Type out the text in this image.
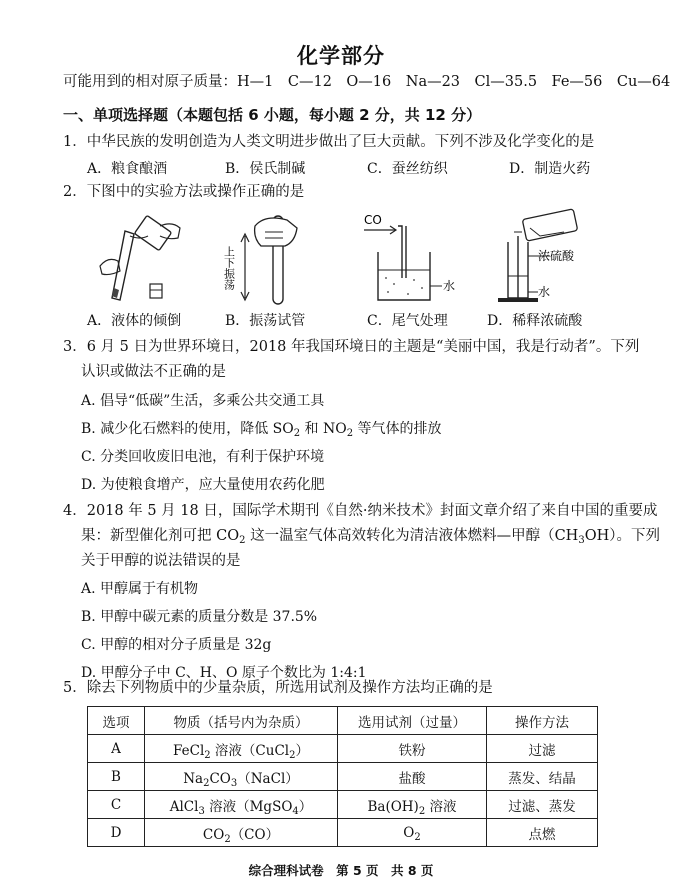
化学部分
可能用到的相对原子质量：H—1　C—12　O—16　Na—23　Cl—35.5　Fe—56　Cu—64
一、单项选择题（本题包括 6 小题，每小题 2 分，共 12 分）
1．中华民族的发明创造为人类文明进步做出了巨大贡献。下列不涉及化学变化的是
A．粮食酿酒	B．侯氏制碱	C．蚕丝纺织	D．制造火药
2．下图中的实验方法或操作正确的是
上下振荡
CO
水
浓硫酸
水
A．液体的倾倒	B．振荡试管	C．尾气处理	D．稀释浓硫酸
3．6 月 5 日为世界环境日，2018 年我国环境日的主题是“美丽中国，我是行动者”。下列
认识或做法不正确的是
A. 倡导“低碳”生活，多乘公共交通工具
B. 减少化石燃料的使用，降低 $SO_2$ 和 $NO_2$ 等气体的排放
C. 分类回收废旧电池，有利于保护环境
D. 为使粮食增产，应大量使用农药化肥
4．2018 年 5 月 18 日，国际学术期刊《自然·纳米技术》封面文章介绍了来自中国的重要成
果：新型催化剂可把 $CO_2$ 这一温室气体高效转化为清洁液体燃料—甲醇$(CH_3OH)$。下列
关于甲醇的说法错误的是
A. 甲醇属于有机物
B. 甲醇中碳元素的质量分数是 37.5%
C. 甲醇的相对分子质量是 32g
D. 甲醇分子中 C、H、O 原子个数比为 1:4:1
5．除去下列物质中的少量杂质，所选用试剂及操作方法均正确的是
选项	物质（括号内为杂质）	选用试剂（过量）	操作方法
A	FeCl$_2$ 溶液（CuCl$_2$）	铁粉	过滤
B	$Na_2CO_3(NaCl)$	盐酸	蒸发、结晶
C	AlCl$_3$ 溶液（MgSO$_4$）	$Ba(OH)_2$ 溶液	过滤、蒸发
D	$CO_2(CO)$	$O_2$	点燃
综合理科试卷　第 5 页　共 8 页
